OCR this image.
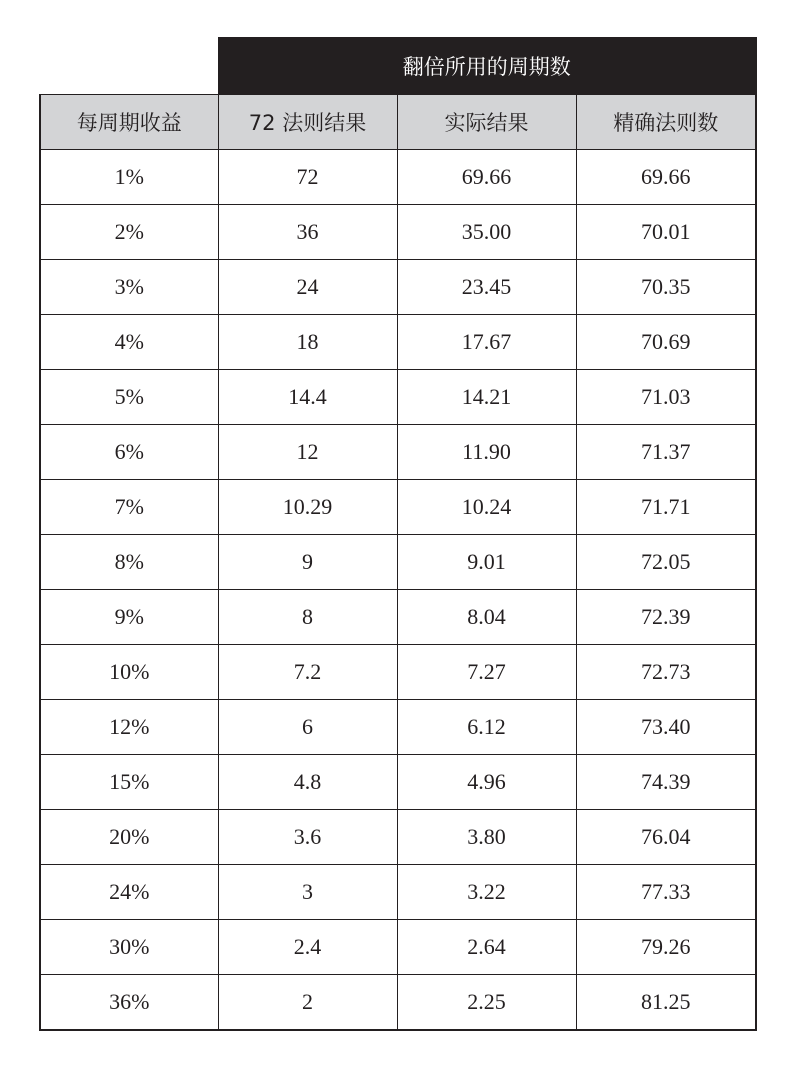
	翻倍所用的周期数		
每周期收益	72 法则结果	实际结果	精确法则数
1%	72	69.66	69.66
2%	36	35.00	70.01
3%	24	23.45	70.35
4%	18	17.67	70.69
5%	14.4	14.21	71.03
6%	12	11.90	71.37
7%	10.29	10.24	71.71
8%	9	9.01	72.05
9%	8	8.04	72.39
10%	7.2	7.27	72.73
12%	6	6.12	73.40
15%	4.8	4.96	74.39
20%	3.6	3.80	76.04
24%	3	3.22	77.33
30%	2.4	2.64	79.26
36%	2	2.25	81.25
